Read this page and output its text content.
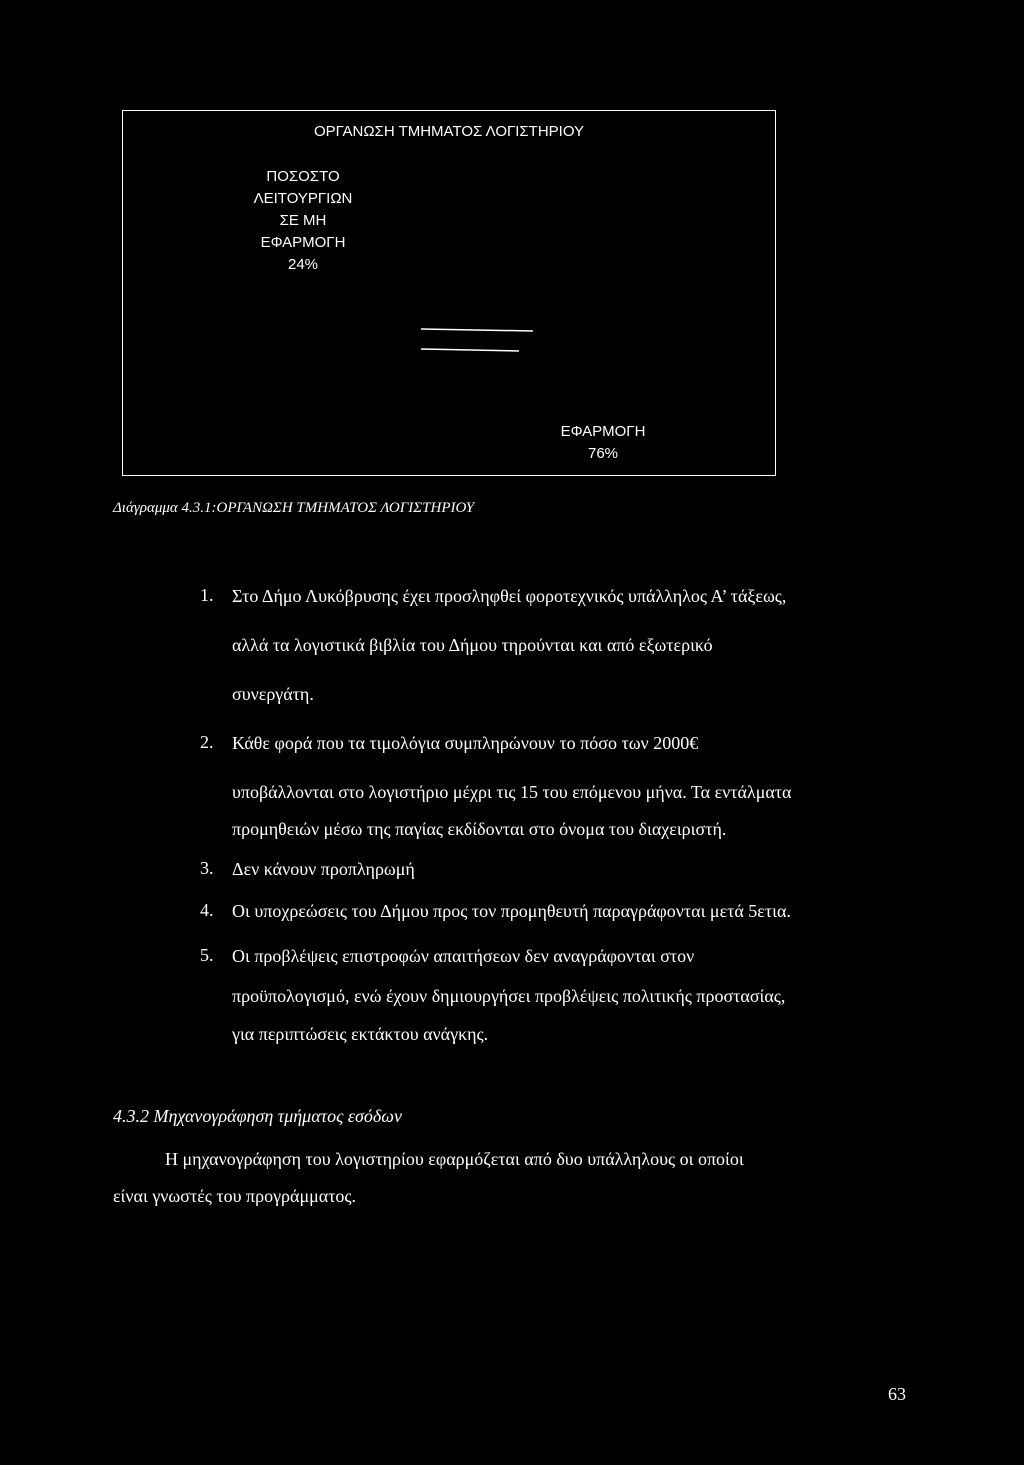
ΟΡΓΑΝΩΣΗ ΤΜΗΜΑΤΟΣ ΛΟΓΙΣΤΗΡΙΟΥ
ΠΟΣΟΣΤΟ
ΛΕΙΤΟΥΡΓΙΩΝ
ΣΕ ΜΗ
ΕΦΑΡΜΟΓΗ
24%
ΕΦΑΡΜΟΓΗ
76%
Διάγραμμα 4.3.1:ΟΡΓΑΝΩΣΗ ΤΜΗΜΑΤΟΣ ΛΟΓΙΣΤΗΡΙΟΥ
1. Στο Δήμο Λυκόβρυσης έχει προσληφθεί φοροτεχνικός υπάλληλος Α’ τάξεως,
αλλά τα λογιστικά βιβλία του Δήμου τηρούνται και από εξωτερικό
συνεργάτη.
2. Κάθε φορά που τα τιμολόγια συμπληρώνουν το πόσο των 2000€
υποβάλλονται στο λογιστήριο μέχρι τις 15 του επόμενου μήνα. Τα εντάλματα
προμηθειών μέσω της παγίας εκδίδονται στο όνομα του διαχειριστή.
3. Δεν κάνουν προπληρωμή
4. Οι υποχρεώσεις του Δήμου προς τον προμηθευτή παραγράφονται μετά 5ετια.
5. Οι προβλέψεις επιστροφών απαιτήσεων δεν αναγράφονται στον
προϋπολογισμό, ενώ έχουν δημιουργήσει προβλέψεις πολιτικής προστασίας,
για περιπτώσεις εκτάκτου ανάγκης.
4.3.2 Μηχανογράφηση τμήματος εσόδων
Η μηχανογράφηση του λογιστηρίου εφαρμόζεται από δυο υπάλληλους οι οποίοι
είναι γνωστές του προγράμματος.
63
